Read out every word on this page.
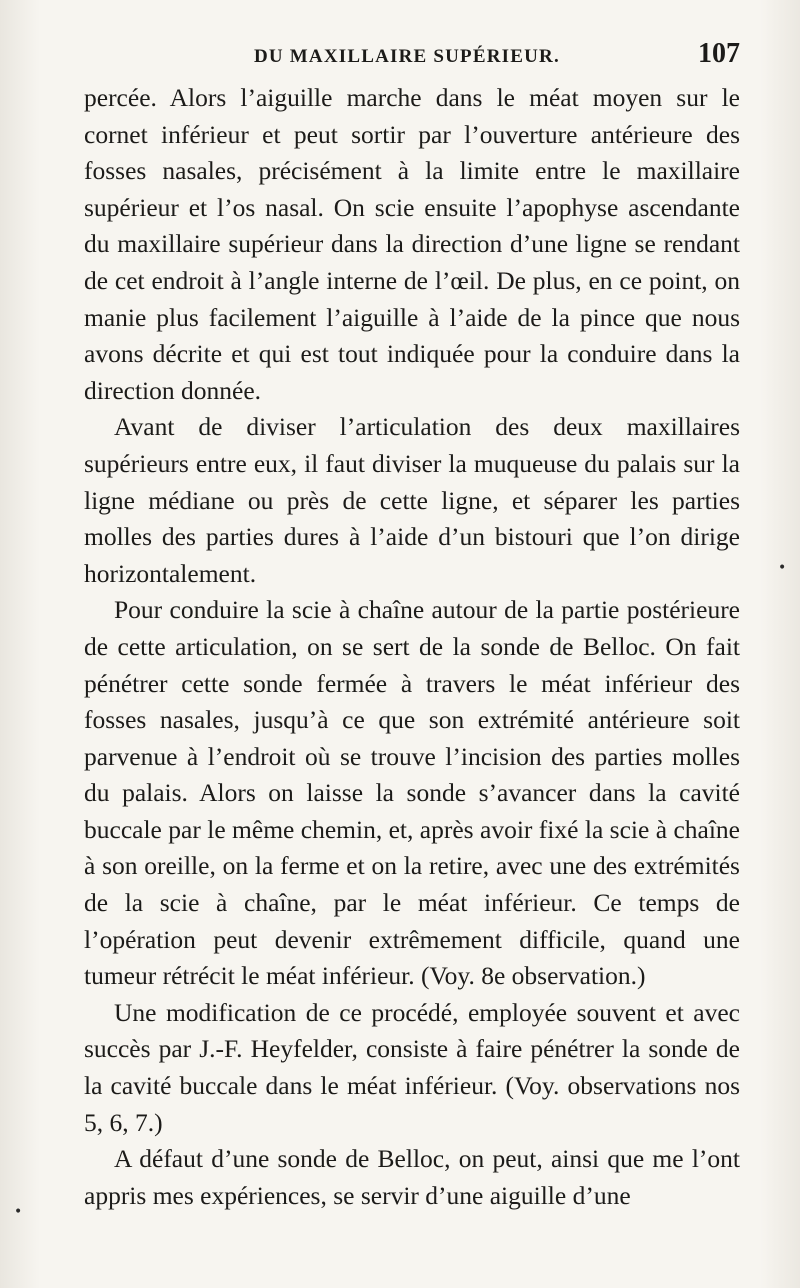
DU MAXILLAIRE SUPÉRIEUR.	107

percée. Alors l’aiguille marche dans le méat moyen sur le cornet inférieur et peut sortir par l’ouverture antérieure des fosses nasales, précisément à la limite entre le maxillaire supérieur et l’os nasal. On scie ensuite l’apophyse ascendante du maxillaire supérieur dans la direction d’une ligne se rendant de cet endroit à l’angle interne de l’œil. De plus, en ce point, on manie plus facilement l’aiguille à l’aide de la pince que nous avons décrite et qui est tout indiquée pour la conduire dans la direction donnée.

Avant de diviser l’articulation des deux maxillaires supérieurs entre eux, il faut diviser la muqueuse du palais sur la ligne médiane ou près de cette ligne, et séparer les parties molles des parties dures à l’aide d’un bistouri que l’on dirige horizontalement.

Pour conduire la scie à chaîne autour de la partie postérieure de cette articulation, on se sert de la sonde de Belloc. On fait pénétrer cette sonde fermée à travers le méat inférieur des fosses nasales, jusqu’à ce que son extrémité antérieure soit parvenue à l’endroit où se trouve l’incision des parties molles du palais. Alors on laisse la sonde s’avancer dans la cavité buccale par le même chemin, et, après avoir fixé la scie à chaîne à son oreille, on la ferme et on la retire, avec une des extrémités de la scie à chaîne, par le méat inférieur. Ce temps de l’opération peut devenir extrêmement difficile, quand une tumeur rétrécit le méat inférieur. (Voy. 8e observation.)

Une modification de ce procédé, employée souvent et avec succès par J.-F. Heyfelder, consiste à faire pénétrer la sonde de la cavité buccale dans le méat inférieur. (Voy. observations nos 5, 6, 7.)

A défaut d’une sonde de Belloc, on peut, ainsi que me l’ont appris mes expériences, se servir d’une aiguille d’une

•
•
